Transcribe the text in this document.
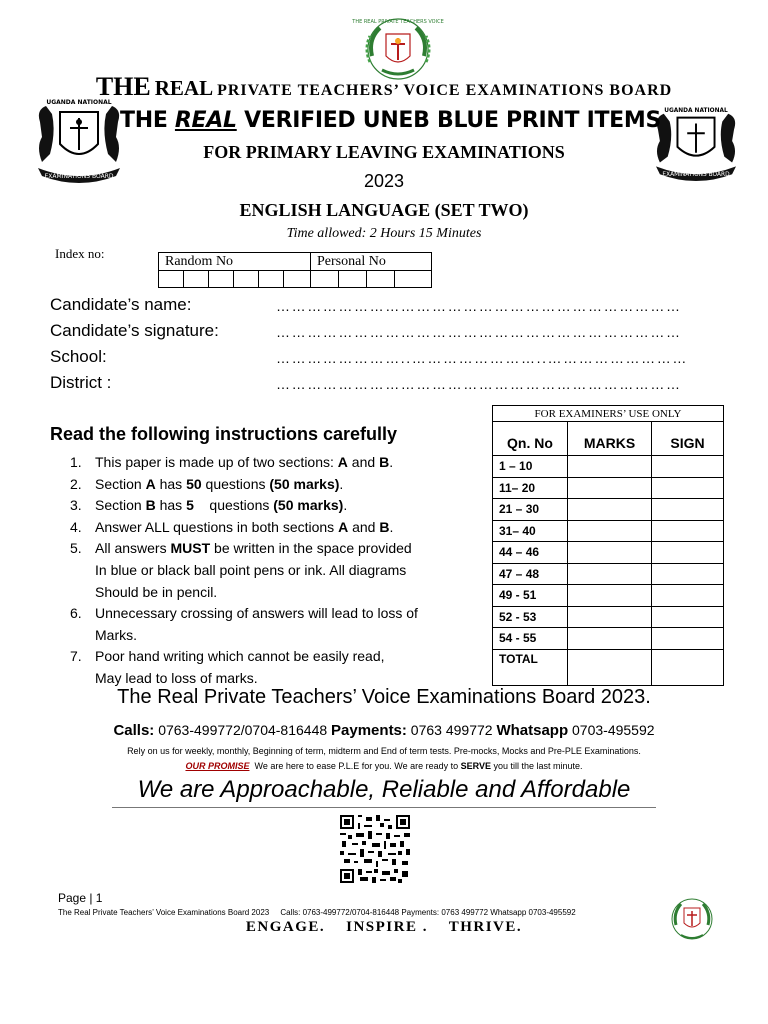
THE REAL PRIVATE TEACHERS VOICE
UGANDA NATIONAL
EXAMINATIONS BOARD
UGANDA NATIONAL
EXAMINATIONS BOARD
THE REAL PRIVATE TEACHERS’ VOICE EXAMINATIONS BOARD
THE REAL VERIFIED UNEB BLUE PRINT ITEMS
FOR PRIMARY LEAVING EXAMINATIONS
2023
ENGLISH LANGUAGE (SET TWO)
Time allowed: 2 Hours 15 Minutes
Index no:
Random No	Personal No
Candidate’s name:	……………………………………………………………………
Candidate’s signature:	……………………………………………………………………
School:	……………………..……………………..………………………
District :	……………………………………………………………………
Read the following instructions carefully
1. This paper is made up of two sections: A and B.
2. Section A has 50 questions (50 marks).
3. Section B has 5    questions (50 marks).
4. Answer ALL questions in both sections A and B.
5. All answers MUST be written in the space provided
In blue or black ball point pens or ink. All diagrams
Should be in pencil.
6. Unnecessary crossing of answers will lead to loss of
Marks.
7. Poor hand writing which cannot be easily read,
May lead to loss of marks.
FOR EXAMINERS’ USE ONLY		
Qn. No	MARKS	SIGN
1 – 10		
11– 20		
21 – 30		
31– 40		
44 – 46		
47 – 48		
49 - 51		
52 - 53		
54 - 55		
TOTAL		
The Real Private Teachers’ Voice Examinations Board 2023.
Calls: 0763-499772/0704-816448 Payments: 0763 499772 Whatsapp 0703-495592
Rely on us for weekly, monthly, Beginning of term, midterm and End of term tests. Pre-mocks, Mocks and Pre-PLE Examinations.
OUR PROMISE  We are here to ease P.L.E for you. We are ready to SERVE you till the last minute.
We are Approachable, Reliable and Affordable
Page | 1
The Real Private Teachers’ Voice Examinations Board 2023     Calls: 0763-499772/0704-816448 Payments: 0763 499772 Whatsapp 0703-495592
ENGAGE.    INSPIRE .    THRIVE.
